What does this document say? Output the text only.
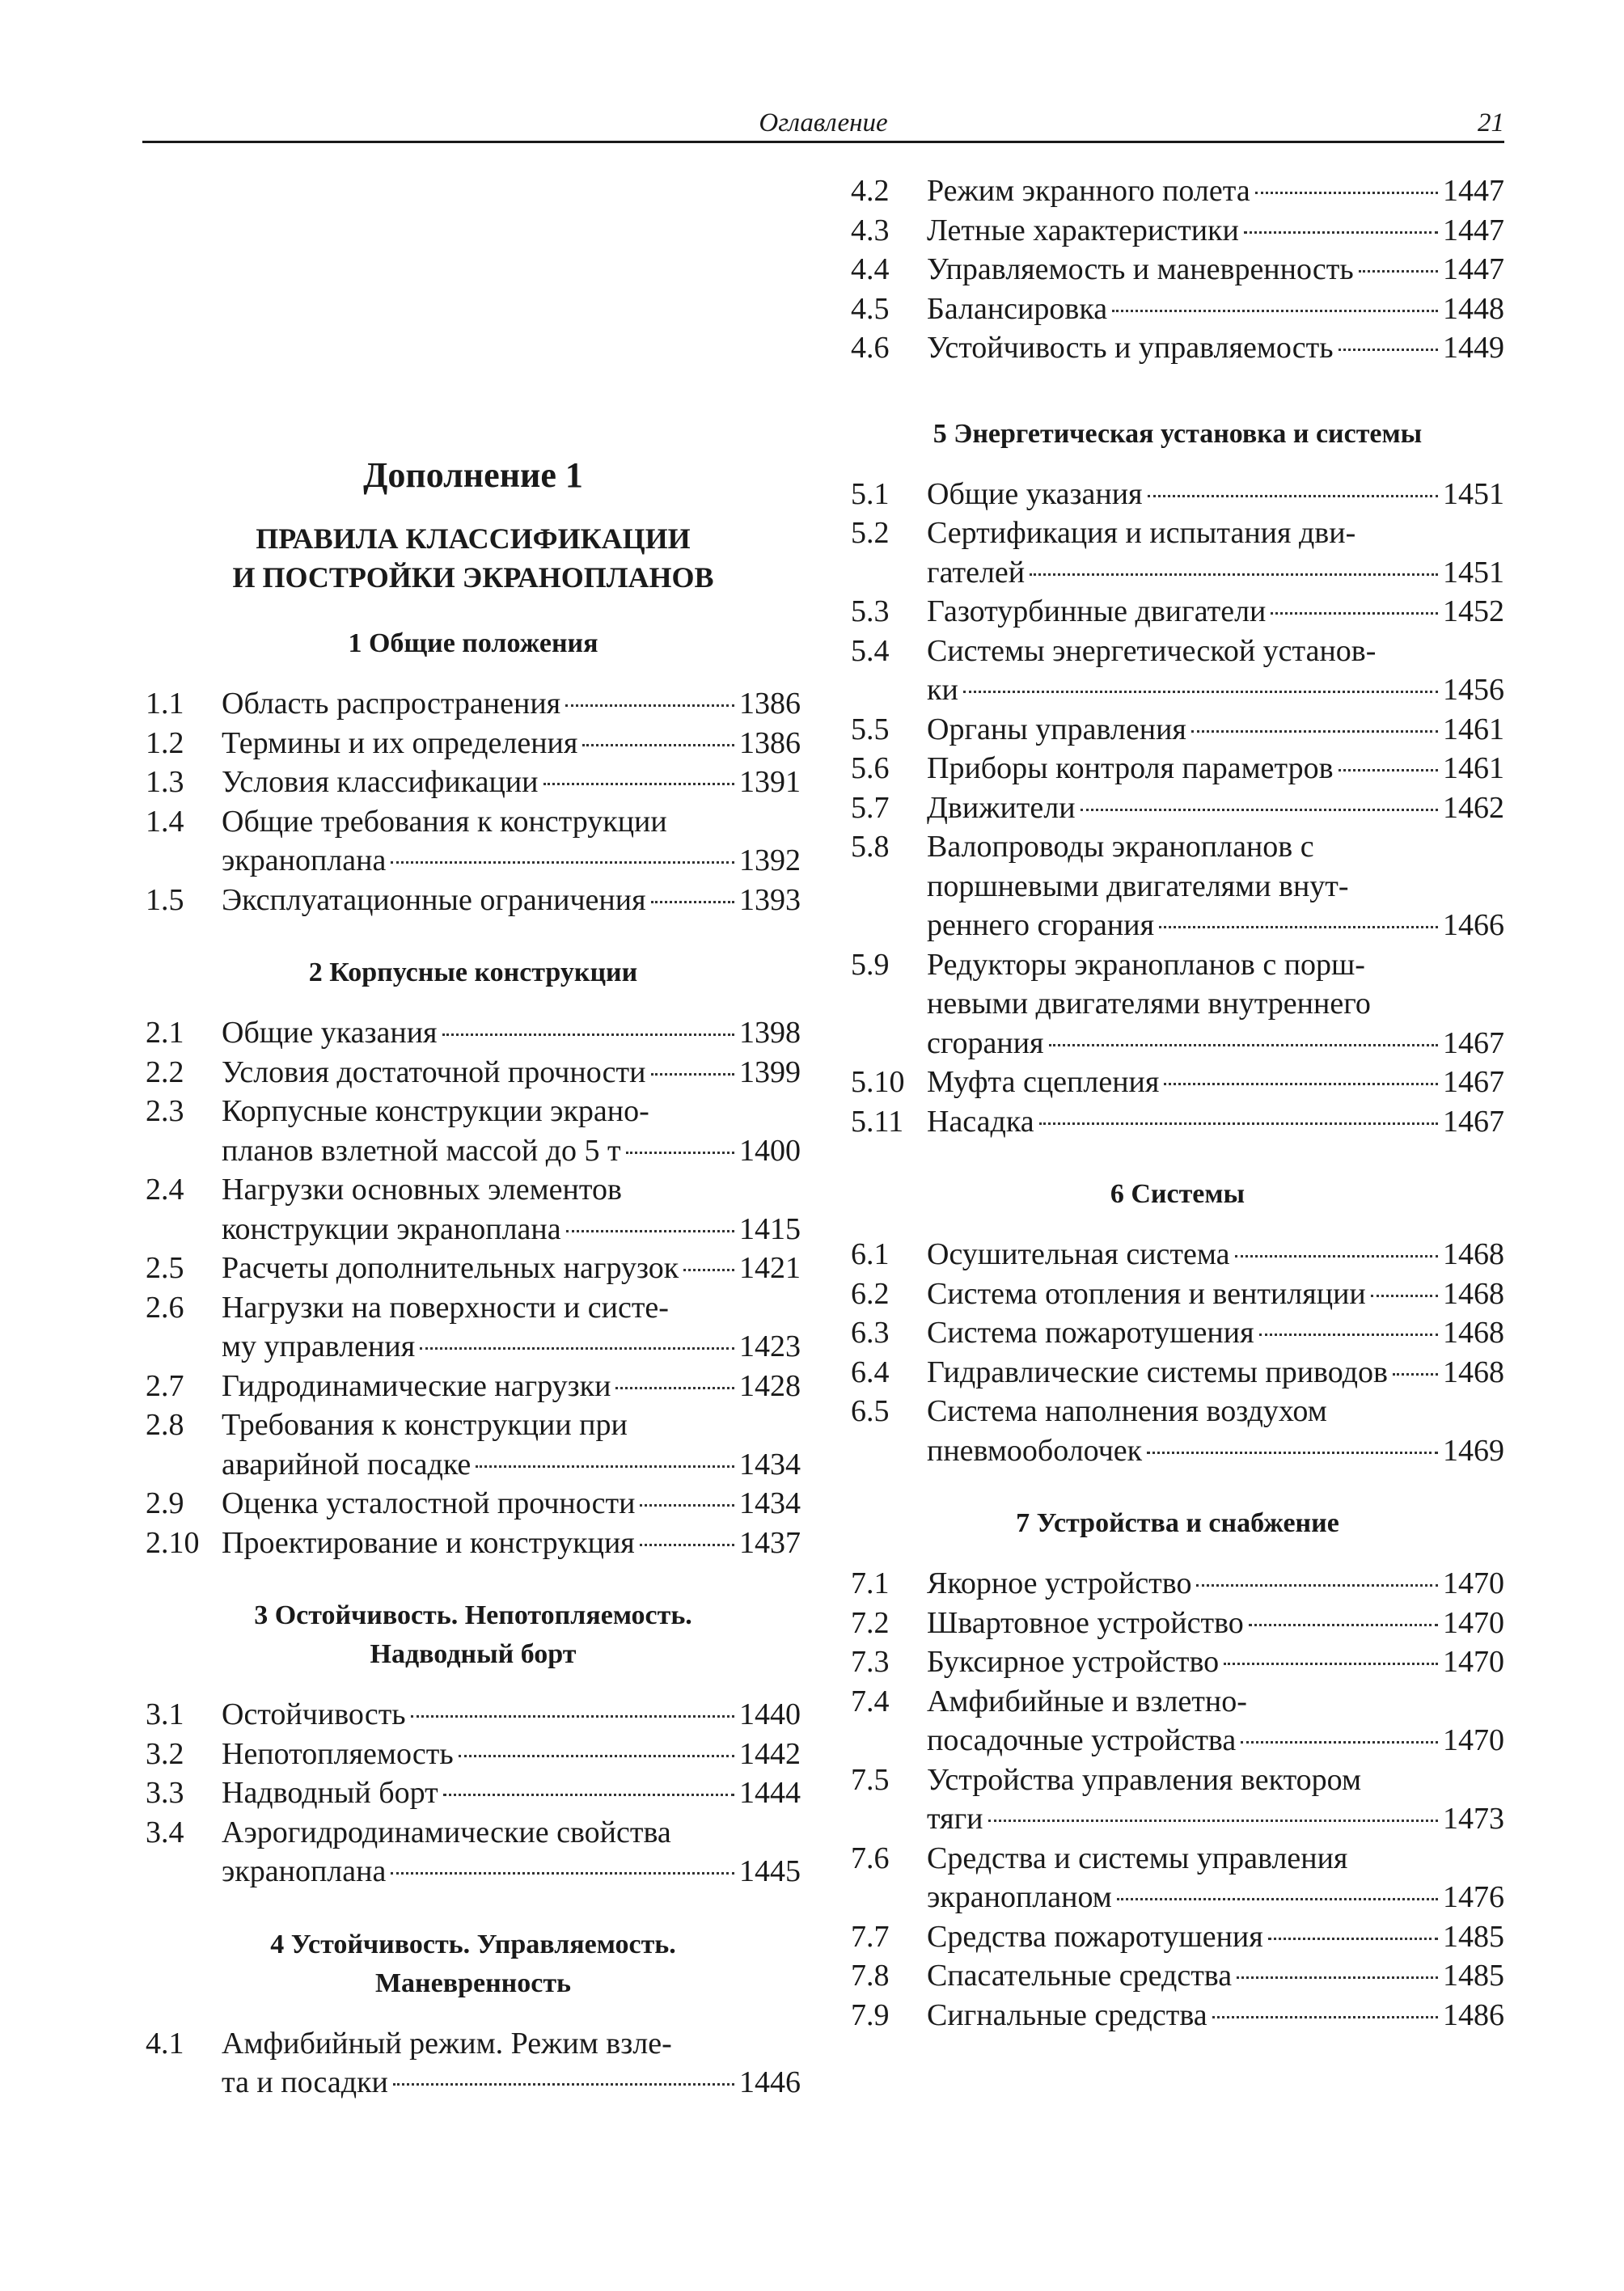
Оглавление	21
Дополнение 1
ПРАВИЛА КЛАССИФИКАЦИИ
И ПОСТРОЙКИ ЭКРАНОПЛАНОВ
1 Общие положения
1.1	Область распространения	1386
1.2	Термины и их определения	1386
1.3	Условия классификации	1391
1.4	Общие требования к конструкции
экраноплана	1392
1.5	Эксплуатационные ограничения	1393
2 Корпусные конструкции
2.1	Общие указания	1398
2.2	Условия достаточной прочности	1399
2.3	Корпусные конструкции экрано-
планов взлетной массой до 5 т	1400
2.4	Нагрузки основных элементов
конструкции экраноплана	1415
2.5	Расчеты дополнительных нагрузок 1421
2.6	Нагрузки на поверхности и систе-
му управления	1423
2.7	Гидродинамические нагрузки	1428
2.8	Требования к конструкции при
аварийной посадке	1434
2.9	Оценка усталостной прочности	1434
2.10 Проектирование и конструкция	1437
3 Остойчивость. Непотопляемость.
Надводный борт
3.1	Остойчивость	1440
3.2	Непотопляемость	1442
3.3	Надводный борт	1444
3.4	Аэрогидродинамические свойства
экраноплана	1445
4 Устойчивость. Управляемость.
Маневренность
4.1	Амфибийный режим. Режим взле-
та и посадки	1446
4.2	Режим экранного полета	1447
4.3	Летные характеристики	1447
4.4	Управляемость и маневренность	1447
4.5	Балансировка	1448
4.6	Устойчивость и управляемость	1449
5 Энергетическая установка и системы
5.1	Общие указания	1451
5.2	Сертификация и испытания дви-
гателей	1451
5.3	Газотурбинные двигатели	1452
5.4	Системы энергетической установ-
ки	1456
5.5	Органы управления	1461
5.6	Приборы контроля параметров	1461
5.7	Движители	1462
5.8	Валопроводы экранопланов с
поршневыми двигателями внут-
реннего сгорания	1466
5.9	Редукторы экранопланов с порш-
невыми двигателями внутреннего
сгорания	1467
5.10 Муфта сцепления	1467
5.11 Насадка	1467
6 Системы
6.1	Осушительная система	1468
6.2	Система отопления и вентиляции	1468
6.3	Система пожаротушения	1468
6.4	Гидравлические системы приводов 1468
6.5	Система наполнения воздухом
пневмооболочек	1469
7 Устройства и снабжение
7.1	Якорное устройство	1470
7.2	Швартовное устройство	1470
7.3	Буксирное устройство	1470
7.4	Амфибийные и взлетно-
посадочные устройства	1470
7.5	Устройства управления вектором
тяги	1473
7.6	Средства и системы управления
экранопланом	1476
7.7	Средства пожаротушения	1485
7.8	Спасательные средства	1485
7.9	Сигнальные средства	1486
